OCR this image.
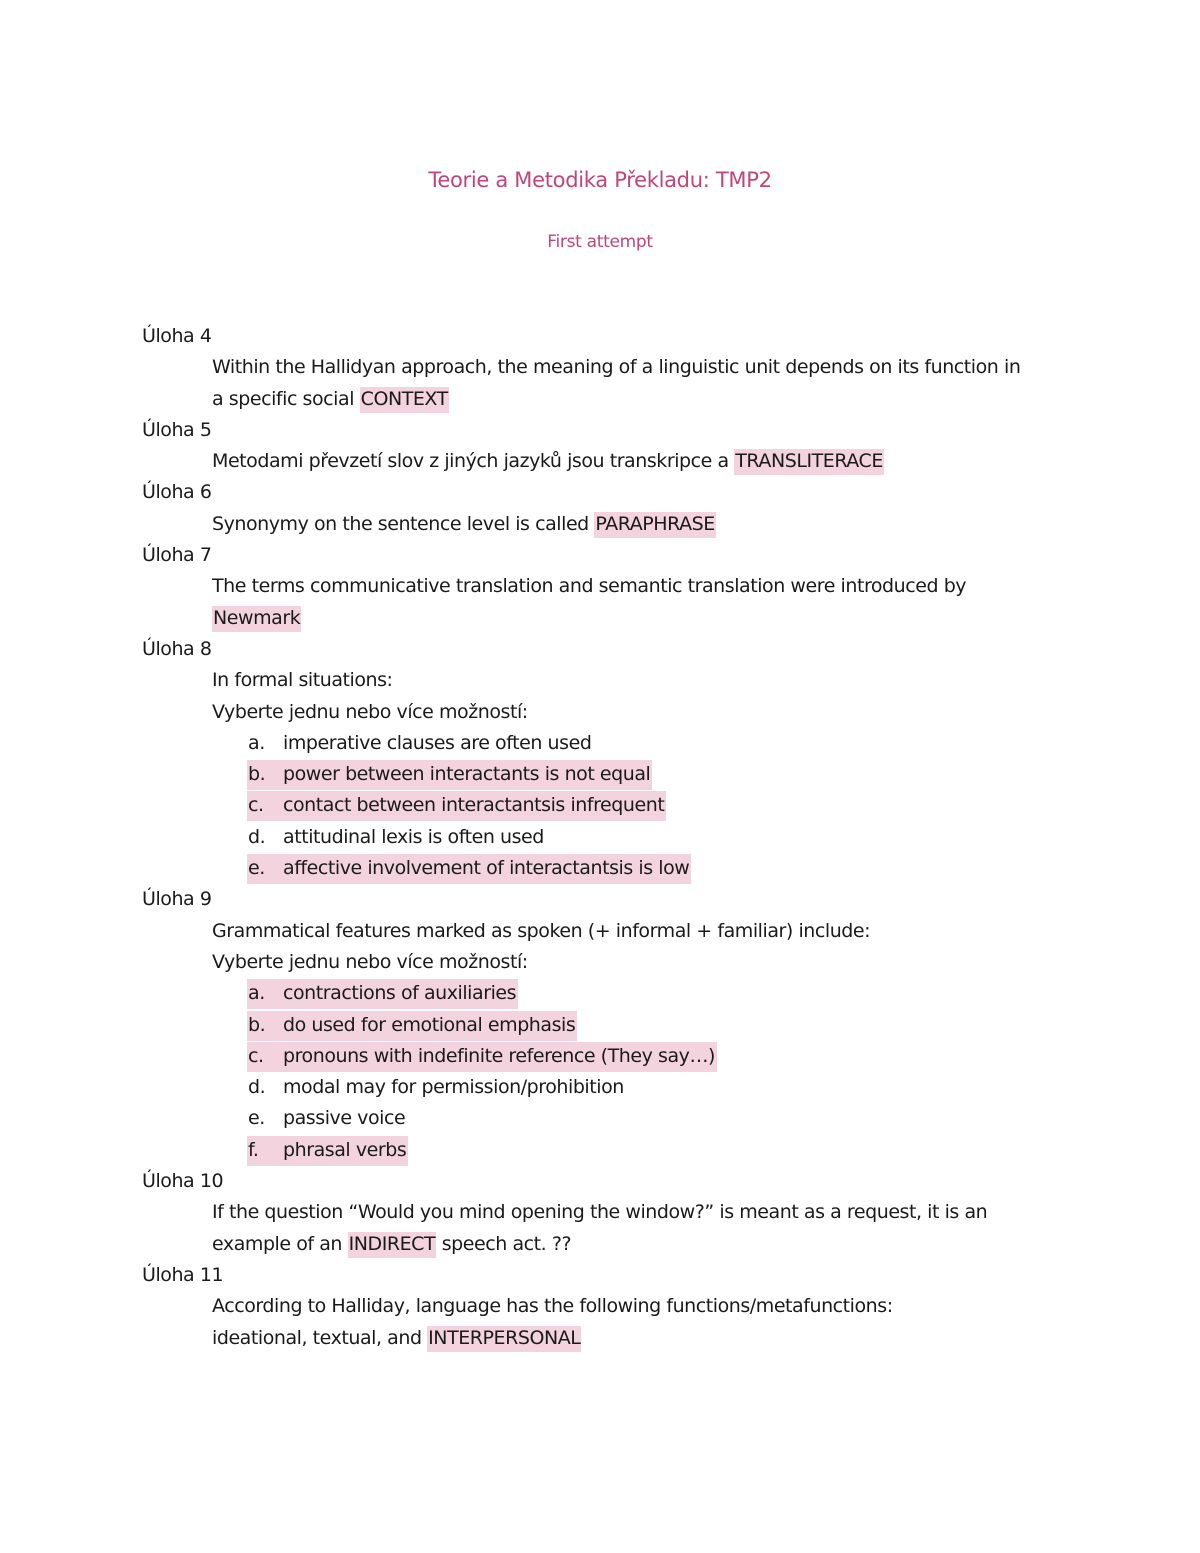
Teorie a Metodika Překladu: TMP2
First attempt
Úloha 4

Within the Hallidyan approach, the meaning of a linguistic unit depends on its function in

a specific social CONTEXT

Úloha 5

Metodami převzetí slov z jiných jazyků jsou transkripce a TRANSLITERACE

Úloha 6

Synonymy on the sentence level is called PARAPHRASE

Úloha 7

The terms communicative translation and semantic translation were introduced by

Newmark

Úloha 8

In formal situations:

Vyberte jednu nebo více možností:

a. imperative clauses are often used
b. power between interactants is not equal
c. contact between interactantsis infrequent
d. attitudinal lexis is often used
e. affective involvement of interactantsis is low
Úloha 9

Grammatical features marked as spoken (+ informal + familiar) include:

Vyberte jednu nebo více možností:

a. contractions of auxiliaries
b. do used for emotional emphasis
c. pronouns with indefinite reference (They say…)
d. modal may for permission/prohibition
e. passive voice
f. phrasal verbs
Úloha 10

If the question “Would you mind opening the window?” is meant as a request, it is an

example of an INDIRECT speech act. ??

Úloha 11

According to Halliday, language has the following functions/metafunctions:

ideational, textual, and INTERPERSONAL
